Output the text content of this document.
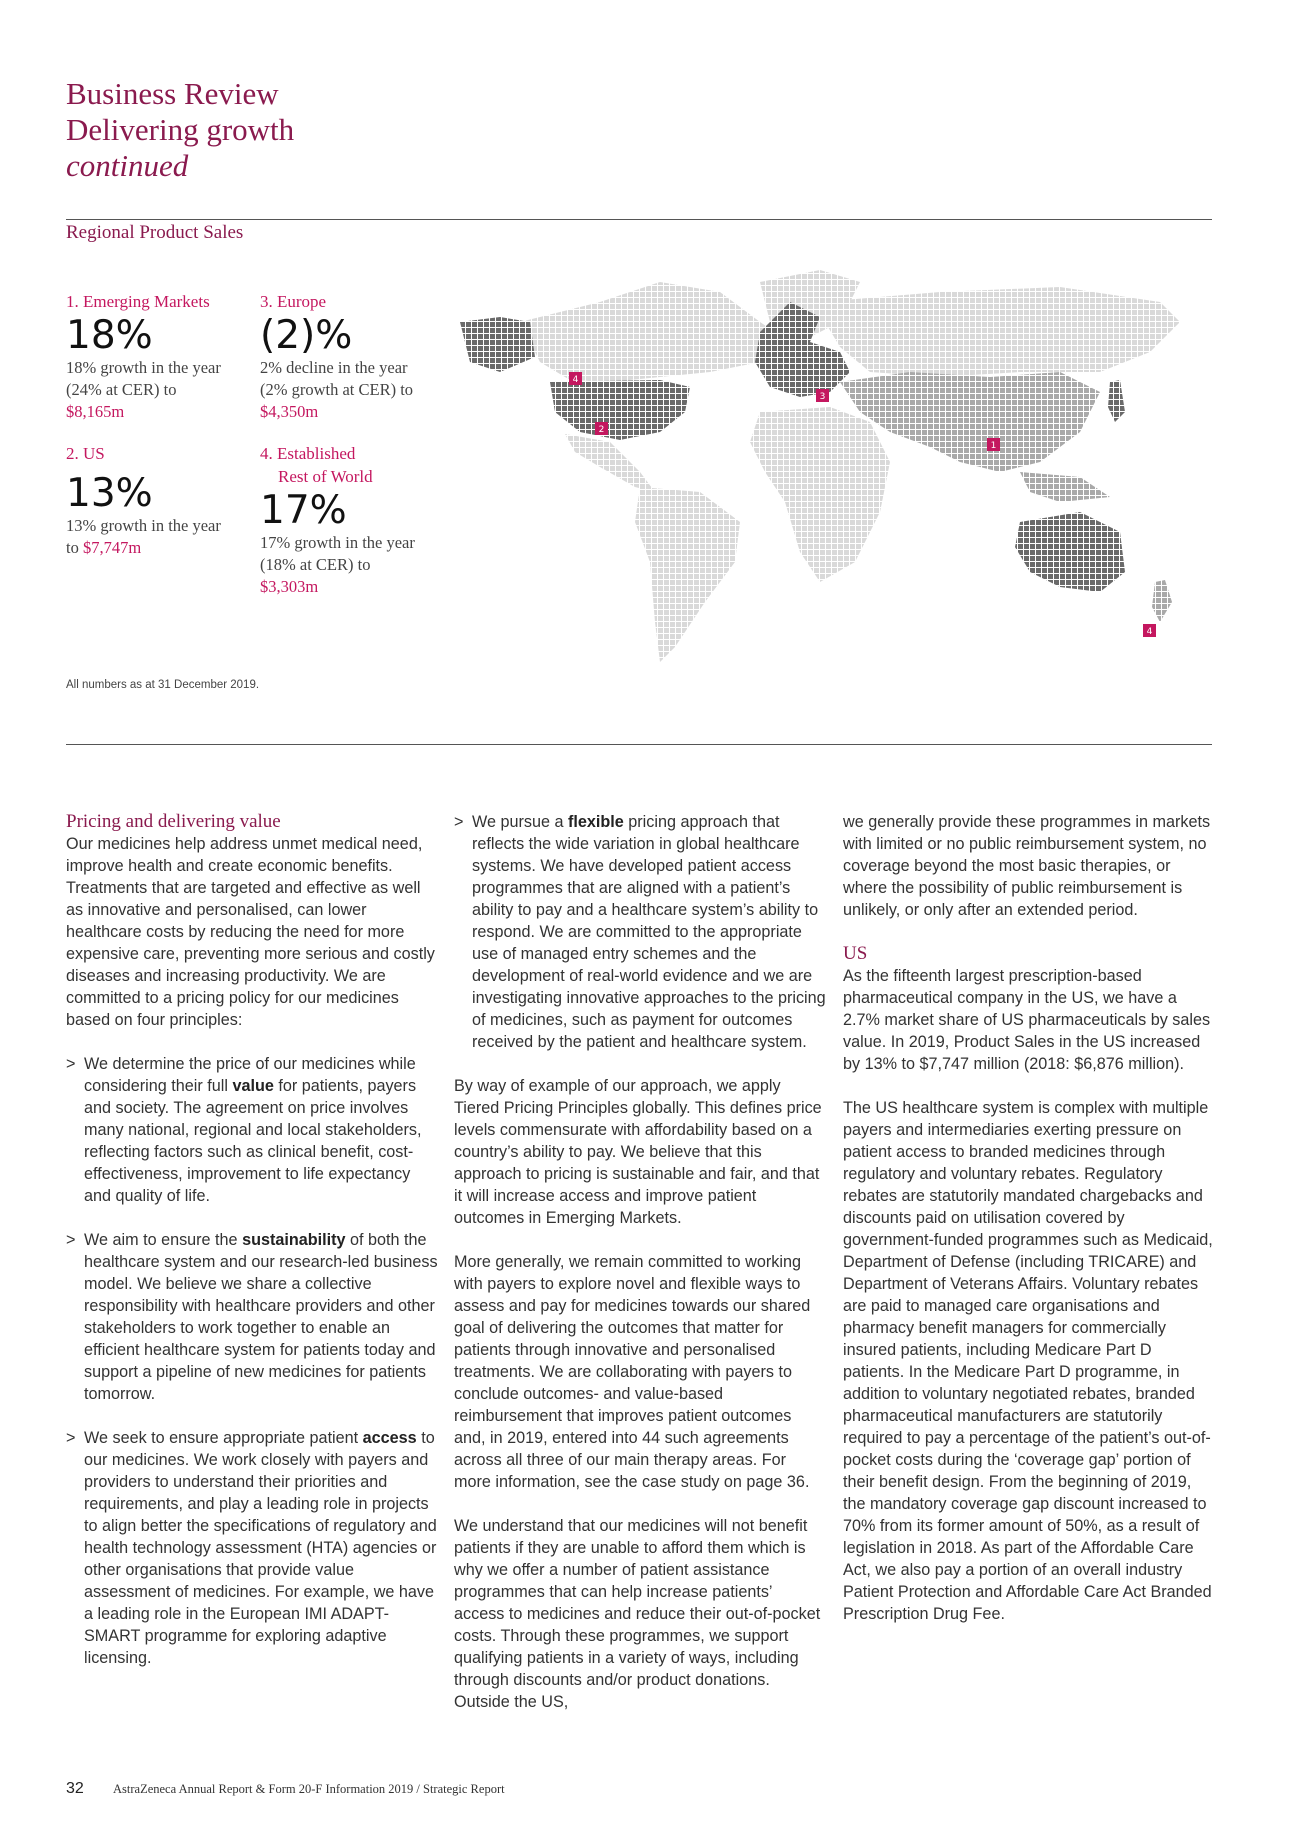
Business Review
Delivering growth
continued
Regional Product Sales
1. Emerging Markets
18%
18% growth in the year
(24% at CER) to
$8,165m
3. Europe
(2)%
2% decline in the year
(2% growth at CER) to
$4,350m
2. US
13%
13% growth in the year
to $7,747m
4. Established
Rest of World
17%
17% growth in the year
(18% at CER) to
$3,303m
4
2
3
1
4
All numbers as at 31 December 2019.

Pricing and delivering value

Our medicines help address unmet medical need, improve health and create economic benefits. Treatments that are targeted and effective as well as innovative and personalised, can lower healthcare costs by reducing the need for more expensive care, preventing more serious and costly diseases and increasing productivity. We are committed to a pricing policy for our medicines based on four principles:

> We determine the price of our medicines while considering their full value for patients, payers and society. The agreement on price involves many national, regional and local stakeholders, reflecting factors such as clinical benefit, cost-effectiveness, improvement to life expectancy and quality of life.
> We aim to ensure the sustainability of both the healthcare system and our research-led business model. We believe we share a collective responsibility with healthcare providers and other stakeholders to work together to enable an efficient healthcare system for patients today and support a pipeline of new medicines for patients tomorrow.
> We seek to ensure appropriate patient access to our medicines. We work closely with payers and providers to understand their priorities and requirements, and play a leading role in projects to align better the specifications of regulatory and health technology assessment (HTA) agencies or other organisations that provide value assessment of medicines. For example, we have a leading role in the European IMI ADAPT-SMART programme for exploring adaptive licensing.
> We pursue a flexible pricing approach that reflects the wide variation in global healthcare systems. We have developed patient access programmes that are aligned with a patient’s ability to pay and a healthcare system’s ability to respond. We are committed to the appropriate use of managed entry schemes and the development of real-world evidence and we are investigating innovative approaches to the pricing of medicines, such as payment for outcomes received by the patient and healthcare system.

By way of example of our approach, we apply Tiered Pricing Principles globally. This defines price levels commensurate with affordability based on a country’s ability to pay. We believe that this approach to pricing is sustainable and fair, and that it will increase access and improve patient outcomes in Emerging Markets.

More generally, we remain committed to working with payers to explore novel and flexible ways to assess and pay for medicines towards our shared goal of delivering the outcomes that matter for patients through innovative and personalised treatments. We are collaborating with payers to conclude outcomes- and value-based reimbursement that improves patient outcomes and, in 2019, entered into 44 such agreements across all three of our main therapy areas. For more information, see the case study on page 36.

We understand that our medicines will not benefit patients if they are unable to afford them which is why we offer a number of patient assistance programmes that can help increase patients’ access to medicines and reduce their out-of-pocket costs. Through these programmes, we support qualifying patients in a variety of ways, including through discounts and/or product donations. Outside the US,

we generally provide these programmes in markets with limited or no public reimbursement system, no coverage beyond the most basic therapies, or where the possibility of public reimbursement is unlikely, or only after an extended period.

US

As the fifteenth largest prescription-based pharmaceutical company in the US, we have a 2.7% market share of US pharmaceuticals by sales value. In 2019, Product Sales in the US increased by 13% to $7,747 million (2018: $6,876 million).

The US healthcare system is complex with multiple payers and intermediaries exerting pressure on patient access to branded medicines through regulatory and voluntary rebates. Regulatory rebates are statutorily mandated chargebacks and discounts paid on utilisation covered by government-funded programmes such as Medicaid, Department of Defense (including TRICARE) and Department of Veterans Affairs. Voluntary rebates are paid to managed care organisations and pharmacy benefit managers for commercially insured patients, including Medicare Part D patients. In the Medicare Part D programme, in addition to voluntary negotiated rebates, branded pharmaceutical manufacturers are statutorily required to pay a percentage of the patient’s out-of-pocket costs during the ‘coverage gap’ portion of their benefit design. From the beginning of 2019, the mandatory coverage gap discount increased to 70% from its former amount of 50%, as a result of legislation in 2018. As part of the Affordable Care Act, we also pay a portion of an overall industry Patient Protection and Affordable Care Act Branded Prescription Drug Fee.

32 AstraZeneca Annual Report & Form 20-F Information 2019 / Strategic Report
